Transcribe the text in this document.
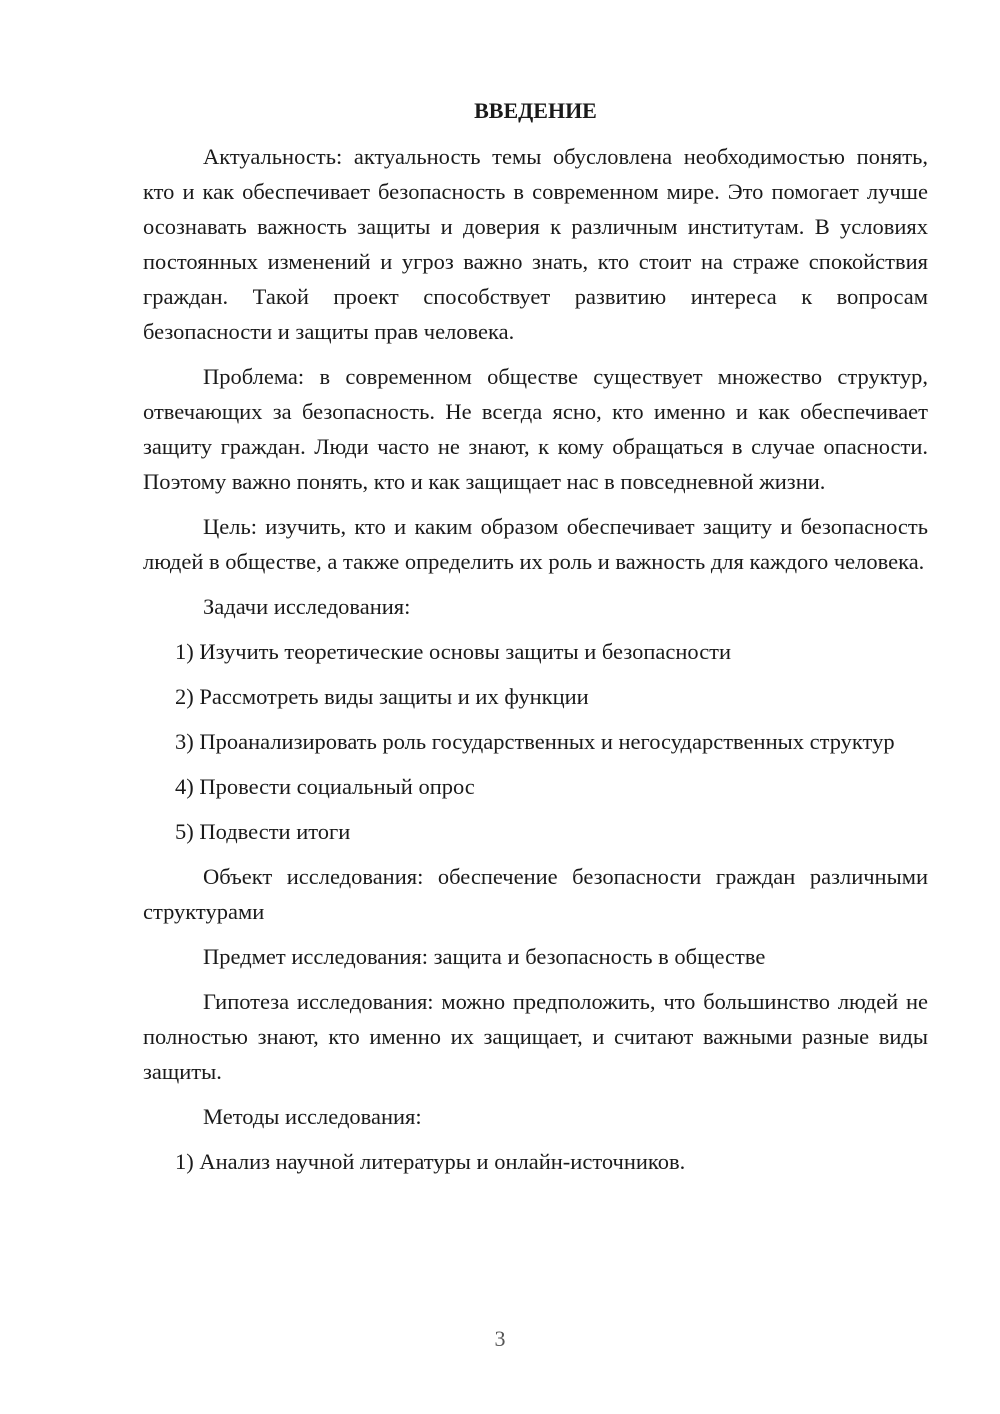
ВВЕДЕНИЕ

Актуальность: актуальность темы обусловлена необходимостью понять, кто и как обеспечивает безопасность в современном мире. Это помогает лучше осознавать важность защиты и доверия к различным институтам. В условиях постоянных изменений и угроз важно знать, кто стоит на страже спокойствия граждан. Такой проект способствует развитию интереса к вопросам безопасности и защиты прав человека.

Проблема: в современном обществе существует множество структур, отвечающих за безопасность. Не всегда ясно, кто именно и как обеспечивает защиту граждан. Люди часто не знают, к кому обращаться в случае опасности. Поэтому важно понять, кто и как защищает нас в повседневной жизни.

Цель: изучить, кто и каким образом обеспечивает защиту и безопасность людей в обществе, а также определить их роль и важность для каждого человека.

Задачи исследования:

1) Изучить теоретические основы защиты и безопасности

2) Рассмотреть виды защиты и их функции

3) Проанализировать роль государственных и негосударственных структур

4) Провести социальный опрос

5) Подвести итоги

Объект исследования: обеспечение безопасности граждан различными структурами

Предмет исследования: защита и безопасность в обществе

Гипотеза исследования: можно предположить, что большинство людей не полностью знают, кто именно их защищает, и считают важными разные виды защиты.

Методы исследования:

1) Анализ научной литературы и онлайн-источников.

3
